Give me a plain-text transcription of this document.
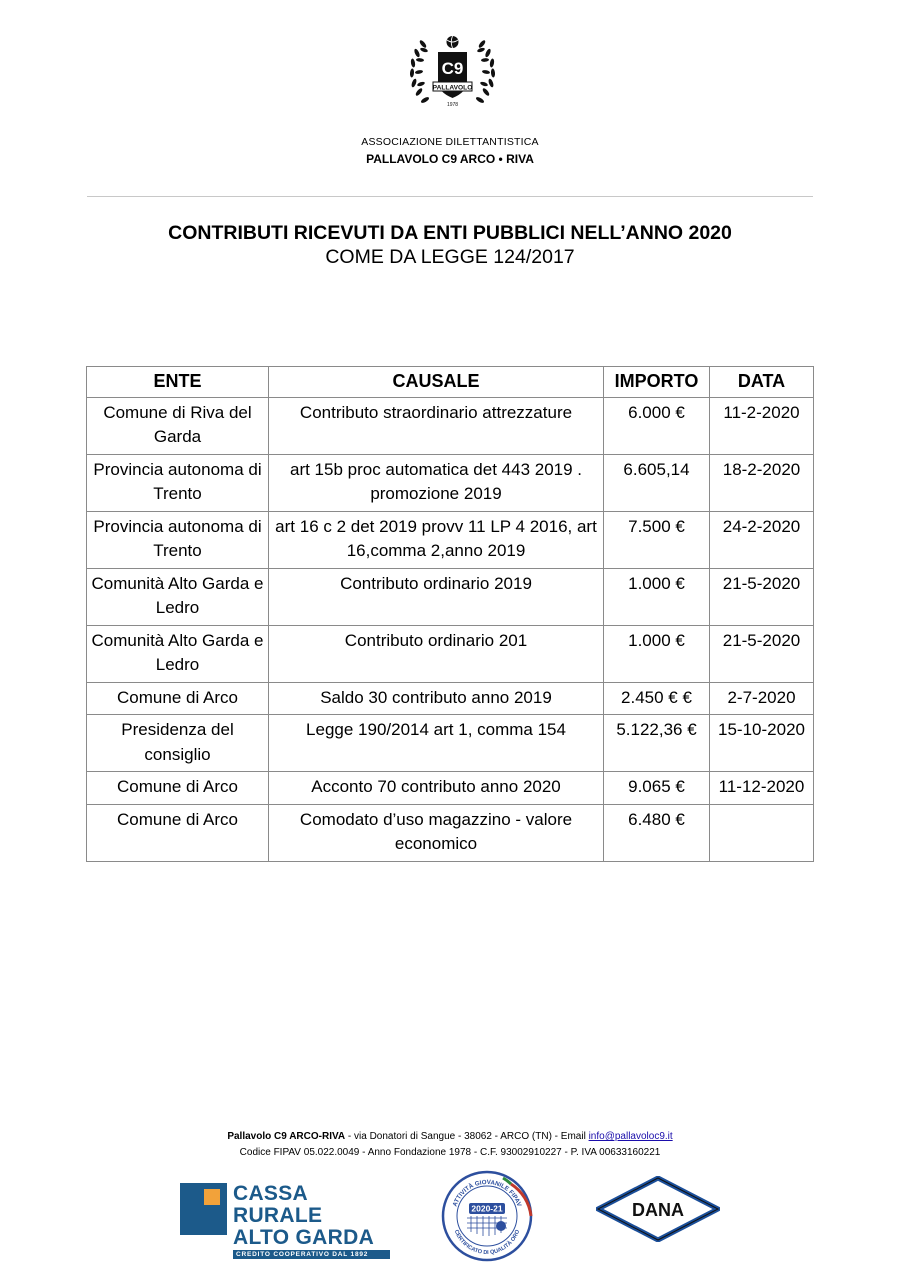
C9
PALLAVOLO
1978
ASSOCIAZIONE DILETTANTISTICA
PALLAVOLO C9 ARCO • RIVA
CONTRIBUTI RICEVUTI DA ENTI PUBBLICI NELL’ANNO 2020
COME DA LEGGE 124/2017
ENTE	CAUSALE	IMPORTO	DATA
Comune di Riva del Garda	Contributo straordinario attrezzature	6.000 €	11-2-2020
Provincia autonoma di Trento	art 15b proc automatica det 443 2019 . promozione 2019	6.605,14	18-2-2020
Provincia autonoma di Trento	art 16 c 2 det 2019 provv 11 LP 4 2016, art 16,comma 2,anno 2019	7.500 €	24-2-2020
Comunità Alto Garda e Ledro	Contributo ordinario 2019	1.000 €	21-5-2020
Comunità Alto Garda e Ledro	Contributo ordinario 201	1.000 €	21-5-2020
Comune di Arco	Saldo 30 contributo anno 2019	2.450 € €	2-7-2020
Presidenza del consiglio	Legge 190/2014 art 1, comma 154	5.122,36 €	15-10-2020
Comune di Arco	Acconto 70 contributo anno 2020	9.065 €	11-12-2020
Comune di Arco	Comodato d’uso magazzino - valore economico	6.480 €	
Pallavolo C9 ARCO-RIVA - via Donatori di Sangue - 38062 - ARCO (TN) - Email info@pallavoloc9.it
Codice FIPAV 05.022.0049 - Anno Fondazione 1978 - C.F. 93002910227 - P. IVA 00633160221
CASSA RURALE
ALTO GARDA
CREDITO COOPERATIVO DAL 1892
ATTIVITÀ GIOVANILE FIPAV
CERTIFICATO DI QUALITÀ ORO
2020-21	DANA
